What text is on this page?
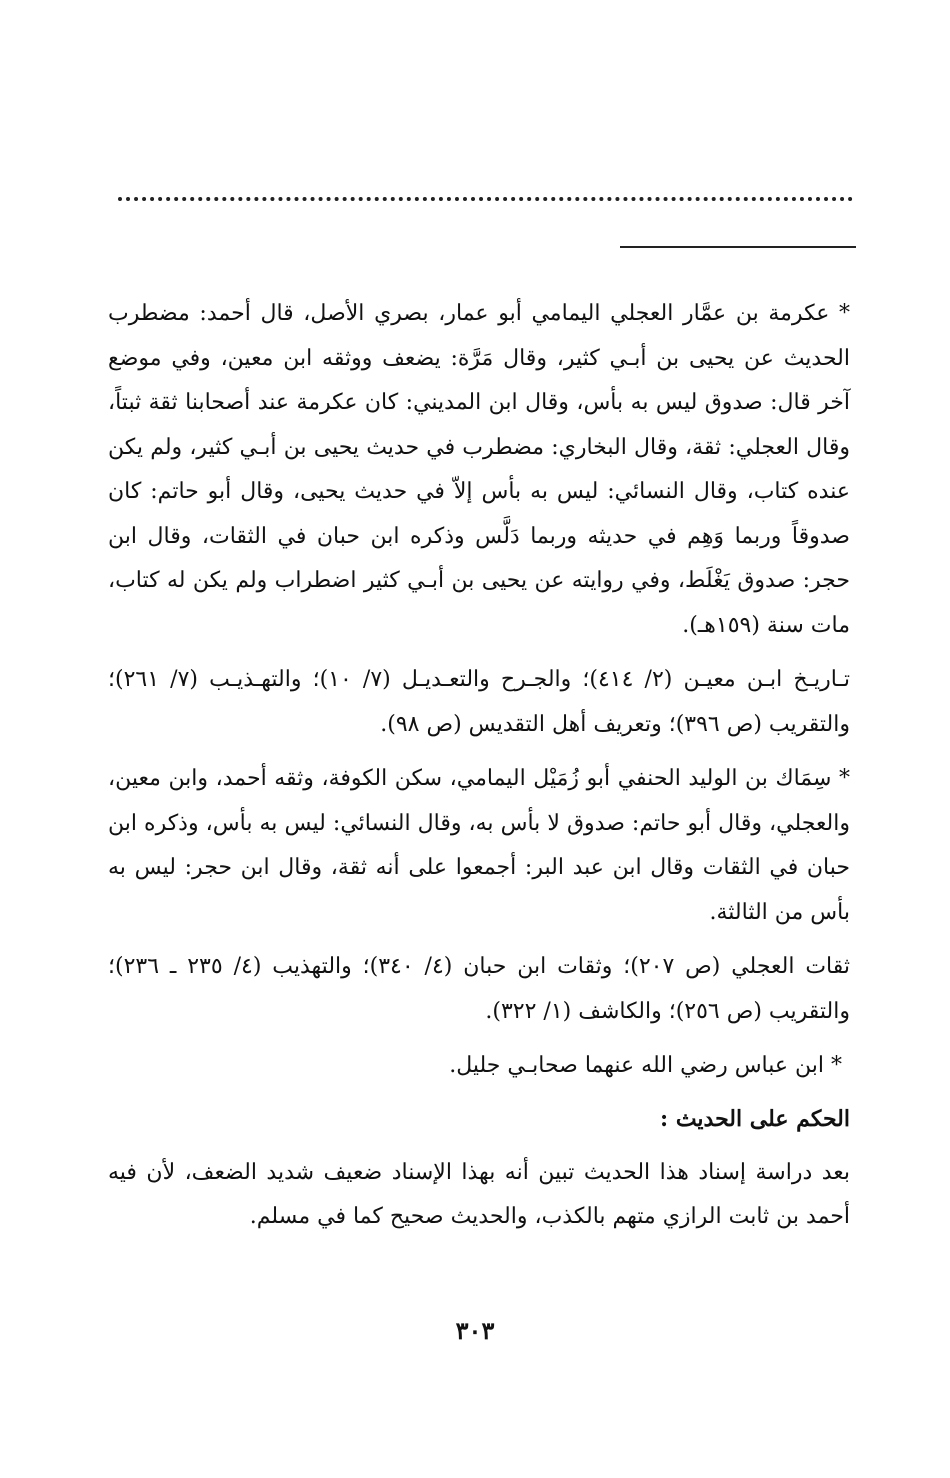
* عكرمة بن عمَّار العجلي اليمامي أبو عمار، بصري الأصل، قال أحمد: مضطرب الحديث عن يحيى بن أبـي كثير، وقال مَرَّة: يضعف ووثقه ابن معين، وفي موضع آخر قال: صدوق ليس به بأس، وقال ابن المديني: كان عكرمة عند أصحابنا ثقة ثبتاً، وقال العجلي: ثقة، وقال البخاري: مضطرب في حديث يحيى بن أبـي كثير، ولم يكن عنده كتاب، وقال النسائي: ليس به بأس إلاّ في حديث يحيى، وقال أبو حاتم: كان صدوقاً وربما وَهِم في حديثه وربما دَلَّس وذكره ابن حبان في الثقات، وقال ابن حجر: صدوق يَغْلَط، وفي روايته عن يحيى بن أبـي كثير اضطراب ولم يكن له كتاب، مات سنة (١٥٩هـ).

تـاريـخ ابـن معيـن (٢/ ٤١٤)؛ والجـرح والتعـديـل (٧/ ١٠)؛ والتهـذيـب (٧/ ٢٦١)؛ والتقريب (ص ٣٩٦)؛ وتعريف أهل التقديس (ص ٩٨).

* سِمَاك بن الوليد الحنفي أبو زُمَيْل اليمامي، سكن الكوفة، وثقه أحمد، وابن معين، والعجلي، وقال أبو حاتم: صدوق لا بأس به، وقال النسائي: ليس به بأس، وذكره ابن حبان في الثقات وقال ابن عبد البر: أجمعوا على أنه ثقة، وقال ابن حجر: ليس به بأس من الثالثة.

ثقات العجلي (ص ٢٠٧)؛ وثقات ابن حبان (٤/ ٣٤٠)؛ والتهذيب (٤/ ٢٣٥ ـ ٢٣٦)؛ والتقريب (ص ٢٥٦)؛ والكاشف (١/ ٣٢٢).

* ابن عباس رضي الله عنهما صحابـي جليل.

الحكم على الحديث :

بعد دراسة إسناد هذا الحديث تبين أنه بهذا الإسناد ضعيف شديد الضعف، لأن فيه أحمد بن ثابت الرازي متهم بالكذب، والحديث صحيح كما في مسلم.

٣٠٣
